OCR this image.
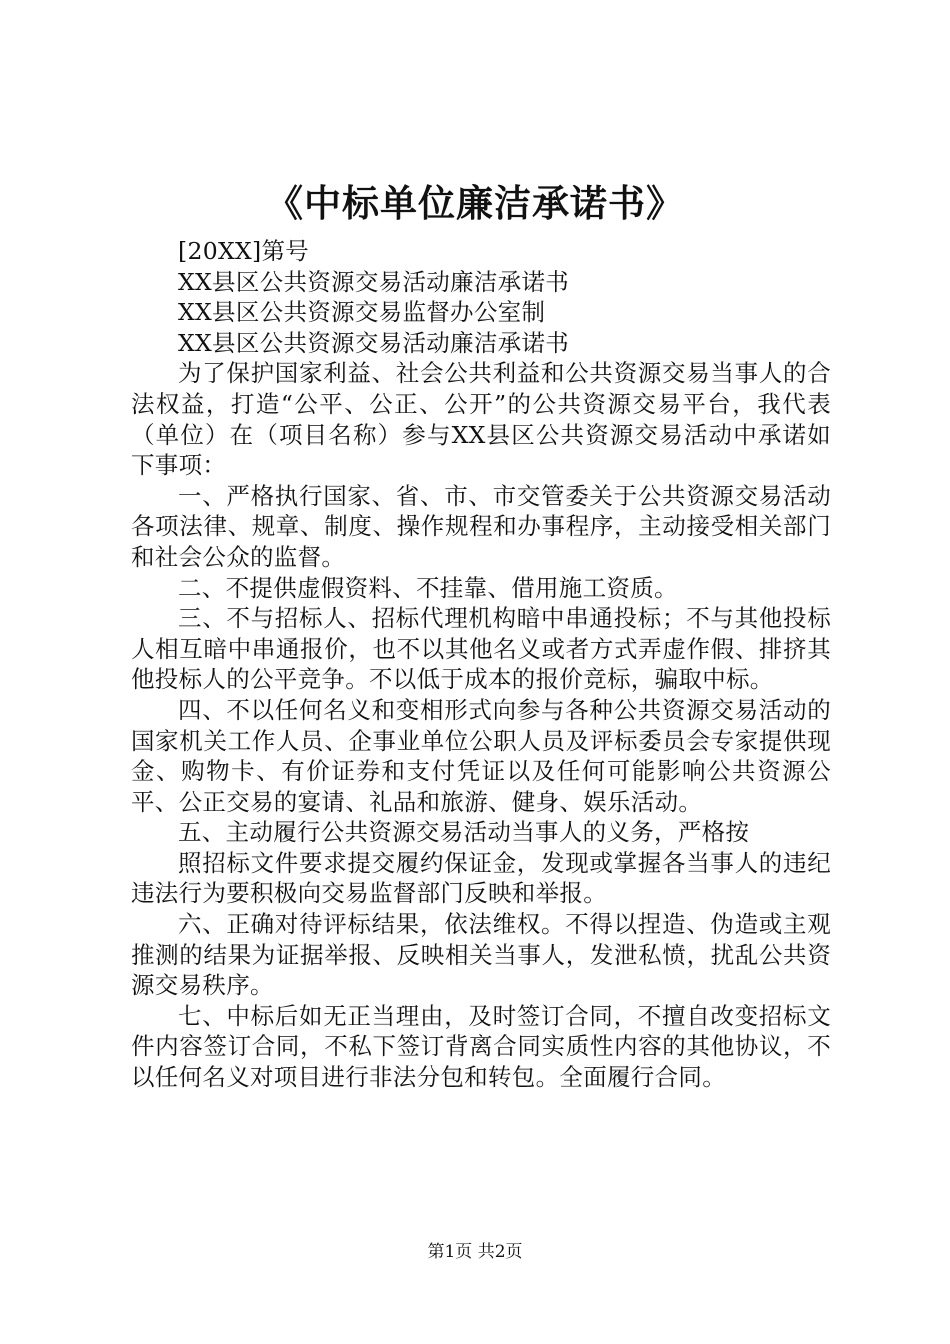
《中标单位廉洁承诺书》

[20XX]第号

XX县区公共资源交易活动廉洁承诺书

XX县区公共资源交易监督办公室制

XX县区公共资源交易活动廉洁承诺书

为了保护国家利益、社会公共利益和公共资源交易当事人的合法权益，打造“公平、公正、公开”的公共资源交易平台，我代表（单位）在（项目名称）参与XX县区公共资源交易活动中承诺如下事项：

一、严格执行国家、省、市、市交管委关于公共资源交易活动各项法律、规章、制度、操作规程和办事程序，主动接受相关部门和社会公众的监督。

二、不提供虚假资料、不挂靠、借用施工资质。

三、不与招标人、招标代理机构暗中串通投标；不与其他投标人相互暗中串通报价，也不以其他名义或者方式弄虚作假、排挤其他投标人的公平竞争。不以低于成本的报价竞标，骗取中标。

四、不以任何名义和变相形式向参与各种公共资源交易活动的国家机关工作人员、企事业单位公职人员及评标委员会专家提供现金、购物卡、有价证券和支付凭证以及任何可能影响公共资源公平、公正交易的宴请、礼品和旅游、健身、娱乐活动。

五、主动履行公共资源交易活动当事人的义务，严格按

照招标文件要求提交履约保证金，发现或掌握各当事人的违纪违法行为要积极向交易监督部门反映和举报。

六、正确对待评标结果，依法维权。不得以捏造、伪造或主观推测的结果为证据举报、反映相关当事人，发泄私愤，扰乱公共资源交易秩序。

七、中标后如无正当理由，及时签订合同，不擅自改变招标文件内容签订合同，不私下签订背离合同实质性内容的其他协议，不以任何名义对项目进行非法分包和转包。全面履行合同。

第1页 共2页
